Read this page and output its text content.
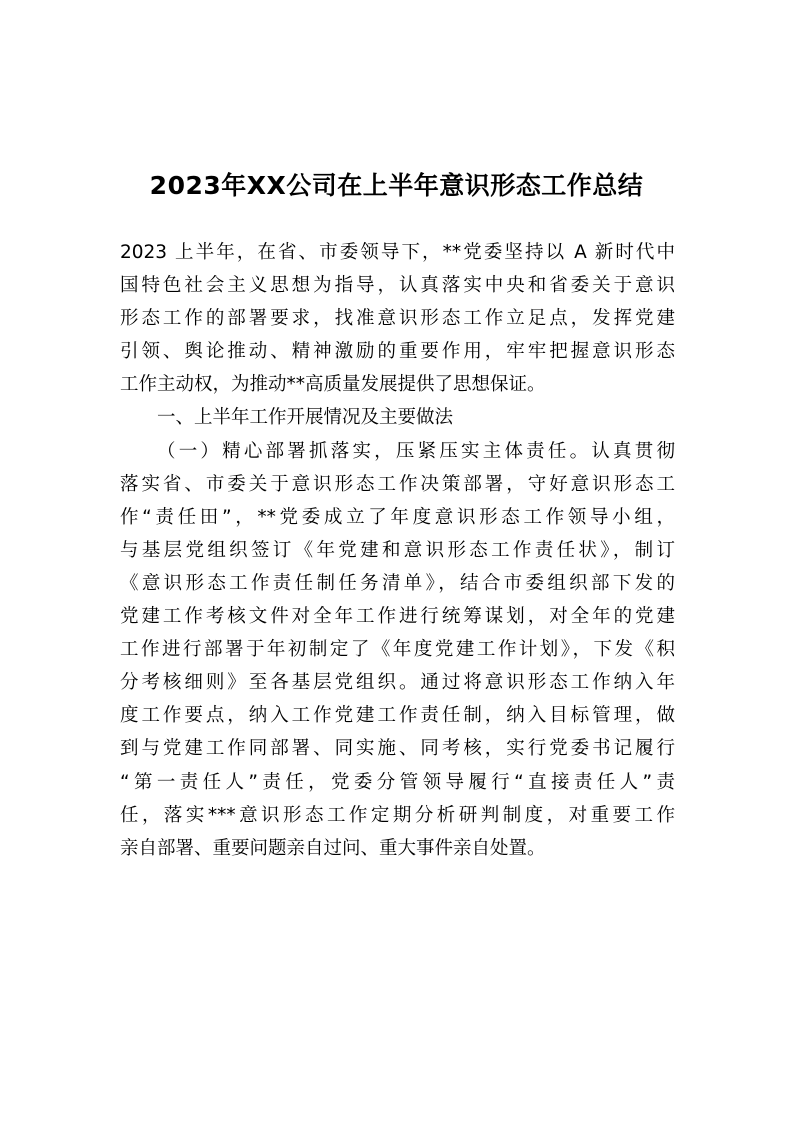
2023年XX公司在上半年意识形态工作总结
2023 上半年，在省、市委领导下，**党委坚持以 A 新时代中
国特色社会主义思想为指导，认真落实中央和省委关于意识
形态工作的部署要求，找准意识形态工作立足点，发挥党建
引领、舆论推动、精神激励的重要作用，牢牢把握意识形态
工作主动权，为推动**高质量发展提供了思想保证。
一、上半年工作开展情况及主要做法
（一）精心部署抓落实，压紧压实主体责任。认真贯彻
落实省、市委关于意识形态工作决策部署，守好意识形态工
作“责任田”，**党委成立了年度意识形态工作领导小组，
与基层党组织签订《年党建和意识形态工作责任状》，制订
《意识形态工作责任制任务清单》，结合市委组织部下发的
党建工作考核文件对全年工作进行统筹谋划，对全年的党建
工作进行部署于年初制定了《年度党建工作计划》，下发《积
分考核细则》至各基层党组织。通过将意识形态工作纳入年
度工作要点，纳入工作党建工作责任制，纳入目标管理，做
到与党建工作同部署、同实施、同考核，实行党委书记履行
“第一责任人”责任，党委分管领导履行“直接责任人”责
任，落实***意识形态工作定期分析研判制度，对重要工作
亲自部署、重要问题亲自过问、重大事件亲自处置。
